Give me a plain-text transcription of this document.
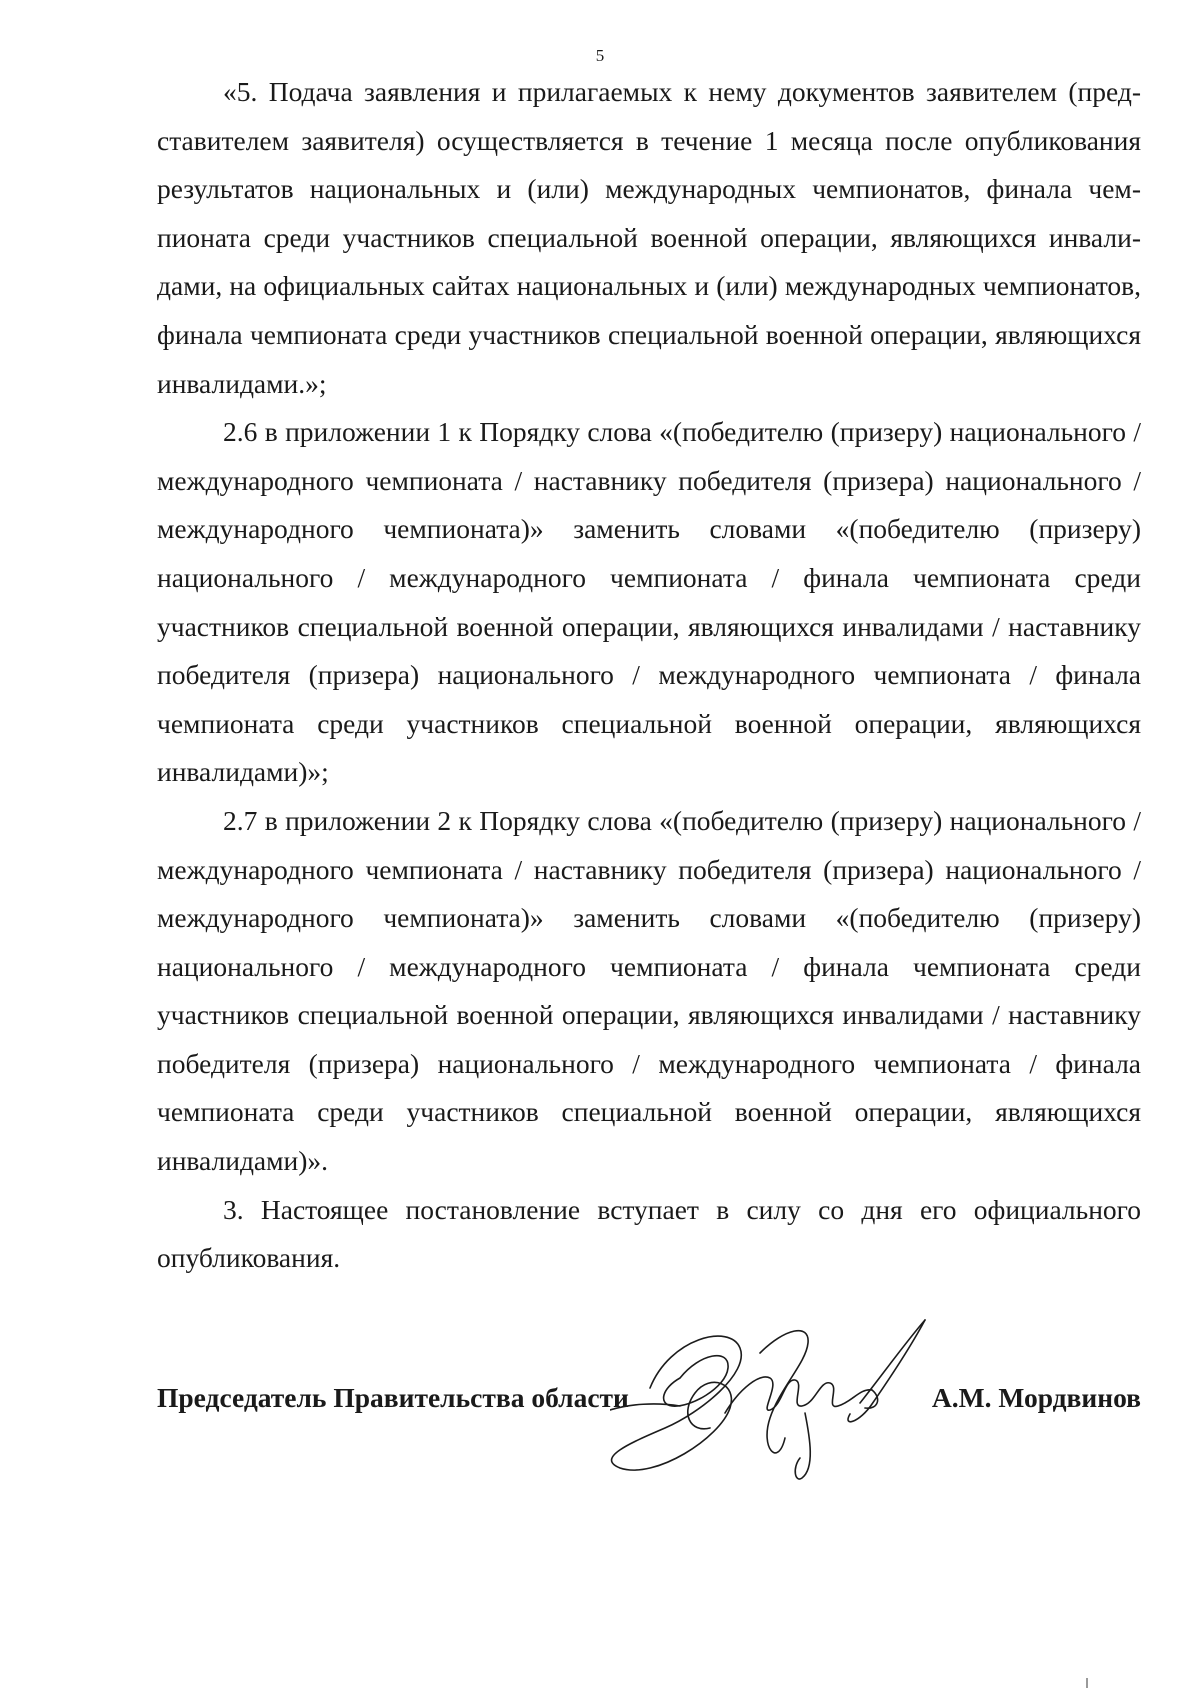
5

«5. Подача заявления и прилагаемых к нему документов заявителем (представителем заявителя) осуществляется в течение 1 месяца после опубликования результатов национальных и (или) международных чемпионатов, финала чемпионата среди участников специальной военной операции, являющихся инвалидами, на официальных сайтах национальных и (или) международных чемпионатов, финала чемпионата среди участников специальной военной операции, являющихся инвалидами.»;

2.6 в приложении 1 к Порядку слова «(победителю (призеру) национального / международного чемпионата / наставнику победителя (призера) национального / международного чемпионата)» заменить словами «(победителю (призеру) национального / международного чемпионата / финала чемпионата среди участников специальной военной операции, являющихся инвалидами / наставнику победителя (призера) национального / международного чемпионата / финала чемпионата среди участников специальной военной операции, являющихся инвалидами)»;

2.7 в приложении 2 к Порядку слова «(победителю (призеру) национального / международного чемпионата / наставнику победителя (призера) национального / международного чемпионата)» заменить словами «(победителю (призеру) национального / международного чемпионата / финала чемпионата среди участников специальной военной операции, являющихся инвалидами / наставнику победителя (призера) национального / международного чемпионата / финала чемпионата среди участников специальной военной операции, являющихся инвалидами)».

3. Настоящее постановление вступает в силу со дня его официального опубликования.

Председатель Правительства области	А.М. Мордвинов
